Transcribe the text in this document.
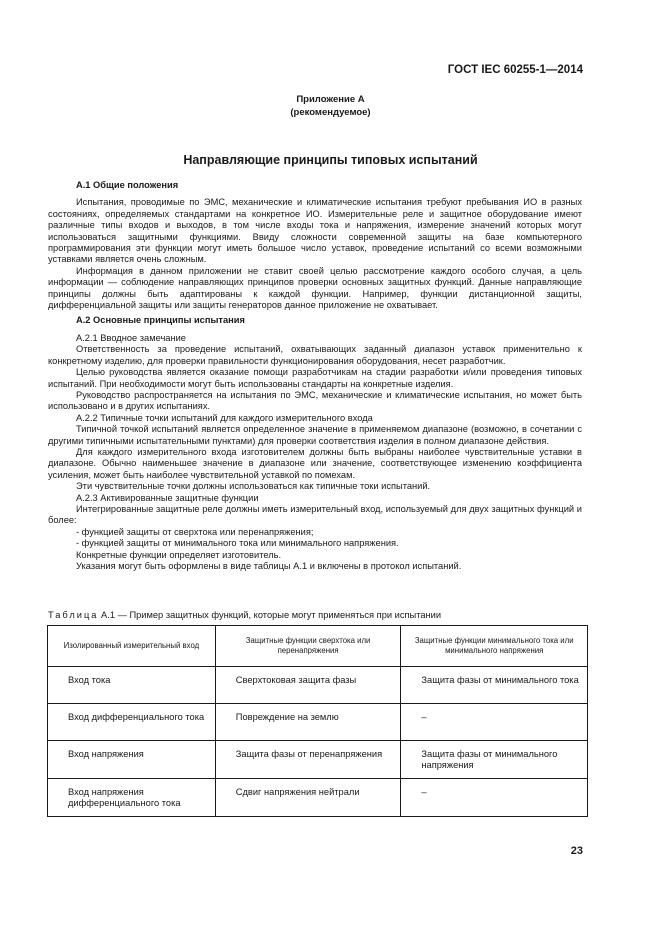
ГОСТ IEC 60255-1—2014
Приложение А
(рекомендуемое)
Направляющие принципы типовых испытаний
А.1 Общие положения

Испытания, проводимые по ЭМС, механические и климатические испытания требуют пребывания ИО в разных состояниях, определяемых стандартами на конкретное ИО. Измерительные реле и защитное оборудование имеют различные типы входов и выходов, в том числе входы тока и напряжения, измерение значений которых могут использоваться защитными функциями. Ввиду сложности современной защиты на базе компьютерного программирования эти функции могут иметь большое число уставок, проведение испытаний со всеми возможными уставками является очень сложным.

Информация в данном приложении не ставит своей целью рассмотрение каждого особого случая, а цель информации — соблюдение направляющих принципов проверки основных защитных функций. Данные направляющие принципы должны быть адаптированы к каждой функции. Например, функции дистанционной защиты, дифференциальной защиты или защиты генераторов данное приложение не охватывает.

А.2 Основные принципы испытания

А.2.1 Вводное замечание

Ответственность за проведение испытаний, охватывающих заданный диапазон уставок применительно к конкретному изделию, для проверки правильности функционирования оборудования, несет разработчик.

Целью руководства является оказание помощи разработчикам на стадии разработки и/или проведения типовых испытаний. При необходимости могут быть использованы стандарты на конкретные изделия.

Руководство распространяется на испытания по ЭМС, механические и климатические испытания, но может быть использовано и в других испытаниях.

А.2.2 Типичные точки испытаний для каждого измерительного входа

Типичной точкой испытаний является определенное значение в применяемом диапазоне (возможно, в сочетании с другими типичными испытательными пунктами) для проверки соответствия изделия в полном диапазоне действия.

Для каждого измерительного входа изготовителем должны быть выбраны наиболее чувствительные уставки в диапазоне. Обычно наименьшее значение в диапазоне или значение, соответствующее изменению коэффициента усиления, может быть наиболее чувствительной уставкой по помехам.

Эти чувствительные точки должны использоваться как типичные токи испытаний.

А.2.3 Активированные защитные функции

Интегрированные защитные реле должны иметь измерительный вход, используемый для двух защитных функций и более:

- функцией защиты от сверхтока или перенапряжения;

- функцией защиты от минимального тока или минимального напряжения.

Конкретные функции определяет изготовитель.

Указания могут быть оформлены в виде таблицы А.1 и включены в протокол испытаний.

Таблица А.1 — Пример защитных функций, которые могут применяться при испытании
Изолированный измерительный вход	Защитные функции сверхтока или перенапряжения	Защитные функции минимального тока или минимального напряжения

Вход тока	Сверхтоковая защита фазы	Защита фазы от минимального тока

Вход дифференциального тока	Повреждение на землю	–

Вход напряжения	Защита фазы от перенапряжения	Защита фазы от минимального напряжения

Вход напряжения дифференциального тока	Сдвиг напряжения нейтрали	–
23
